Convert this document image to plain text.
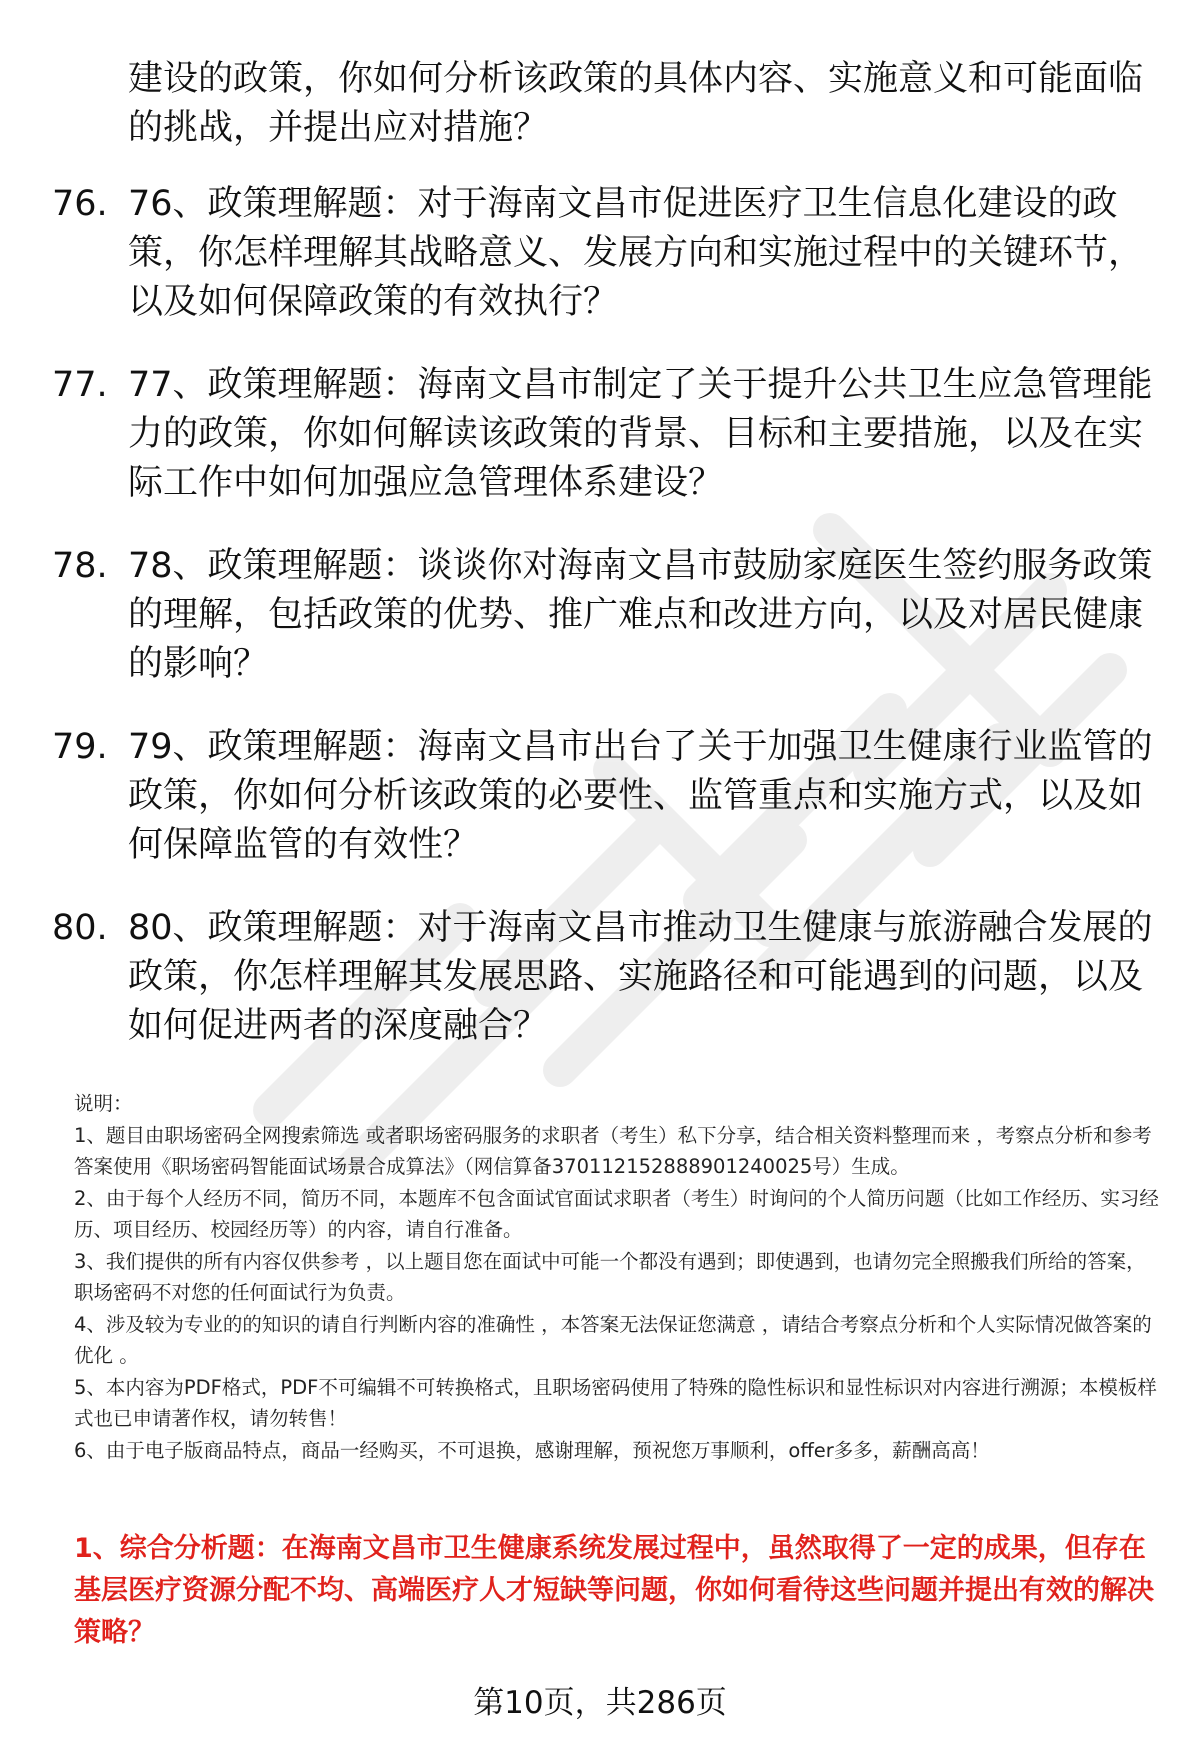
建设的政策，你如何分析该政策的具体内容、实施意义和可能面临的挑战，并提出应对措施？
76. 76、政策理解题：对于海南文昌市促进医疗卫生信息化建设的政策，你怎样理解其战略意义、发展方向和实施过程中的关键环节，以及如何保障政策的有效执行？
77. 77、政策理解题：海南文昌市制定了关于提升公共卫生应急管理能力的政策，你如何解读该政策的背景、目标和主要措施，以及在实际工作中如何加强应急管理体系建设？
78. 78、政策理解题：谈谈你对海南文昌市鼓励家庭医生签约服务政策的理解，包括政策的优势、推广难点和改进方向，以及对居民健康的影响？
79. 79、政策理解题：海南文昌市出台了关于加强卫生健康行业监管的政策，你如何分析该政策的必要性、监管重点和实施方式，以及如何保障监管的有效性？
80. 80、政策理解题：对于海南文昌市推动卫生健康与旅游融合发展的政策，你怎样理解其发展思路、实施路径和可能遇到的问题，以及如何促进两者的深度融合？

说明：

1、题目由职场密码全网搜索筛选 或者职场密码服务的求职者（考生）私下分享，结合相关资料整理而来 ，考察点分析和参考答案使用《职场密码智能面试场景合成算法》（网信算备370112152888901240025号）生成。

2、由于每个人经历不同，简历不同，本题库不包含面试官面试求职者（考生）时询问的个人简历问题（比如工作经历、实习经历、项目经历、校园经历等）的内容，请自行准备。

3、我们提供的所有内容仅供参考 ，以上题目您在面试中可能一个都没有遇到；即使遇到，也请勿完全照搬我们所给的答案，职场密码不对您的任何面试行为负责。

4、涉及较为专业的的知识的请自行判断内容的准确性 ，本答案无法保证您满意 ，请结合考察点分析和个人实际情况做答案的优化 。

5、本内容为PDF格式，PDF不可编辑不可转换格式，且职场密码使用了特殊的隐性标识和显性标识对内容进行溯源；本模板样式也已申请著作权，请勿转售！

6、由于电子版商品特点，商品一经购买，不可退换，感谢理解，预祝您万事顺利，offer多多，薪酬高高！

1、综合分析题：在海南文昌市卫生健康系统发展过程中，虽然取得了一定的成果，但存在基层医疗资源分配不均、高端医疗人才短缺等问题，你如何看待这些问题并提出有效的解决策略？
第10页，共286页
